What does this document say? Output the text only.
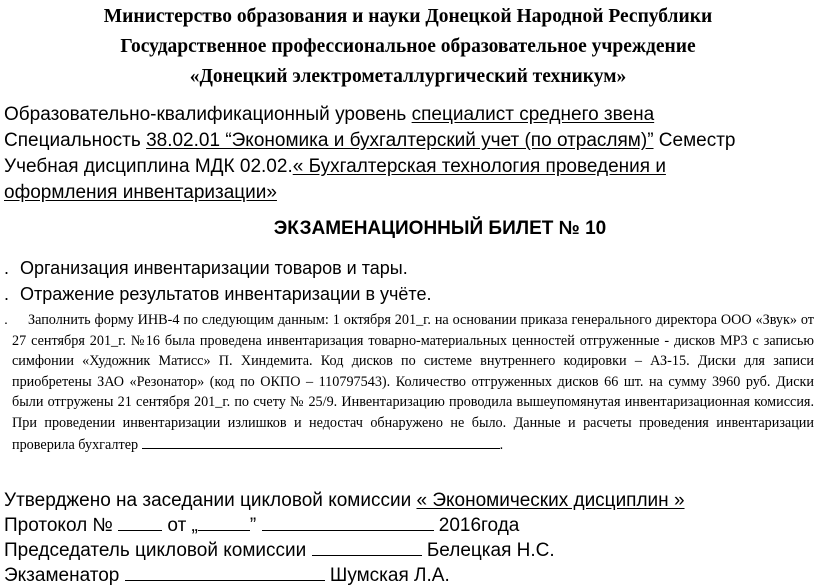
Министерство образования и науки Донецкой Народной Республики
Государственное профессиональное образовательное учреждение
«Донецкий электрометаллургический техникум»
Образовательно-квалификационный уровень специалист среднего звена
Специальность 38.02.01 “Экономика и бухгалтерский учет (по отраслям)” Семестр
Учебная дисциплина МДК 02.02.« Бухгалтерская технология проведения и
оформления инвентаризации»
ЭКЗАМЕНАЦИОННЫЙ БИЛЕТ № 10
. Организация инвентаризации товаров и тары.
. Отражение результатов инвентаризации в учёте.
.	Заполнить форму ИНВ-4 по следующим данным: 1 октября 201_г. на основании приказа генерального директора ООО «Звук» от 27 сентября 201_г. №16 была проведена инвентаризация товарно-материальных ценностей отгруженные - дисков МР3 с записью симфонии «Художник Матисс» П. Хиндемита. Код дисков по системе внутреннего кодировки – АЗ-15. Диски для записи приобретены ЗАО «Резонатор» (код по ОКПО – 110797543). Количество отгруженных дисков 66 шт. на сумму 3960 руб. Диски были отгружены 21 сентября 201_г. по счету № 25/9. Инвентаризацию проводила вышеупомянутая инвентаризационная комиссия. При проведении инвентаризации излишков и недостач обнаружено не было. Данные и расчеты проведения инвентаризации проверила бухгалтер	.
Утверджено на заседании цикловой комиссии « Экономических дисциплин »
Протокол №	от „	”	2016года
Председатель цикловой комиссии	Белецкая Н.С.
Экзаменатор	Шумская Л.А.
